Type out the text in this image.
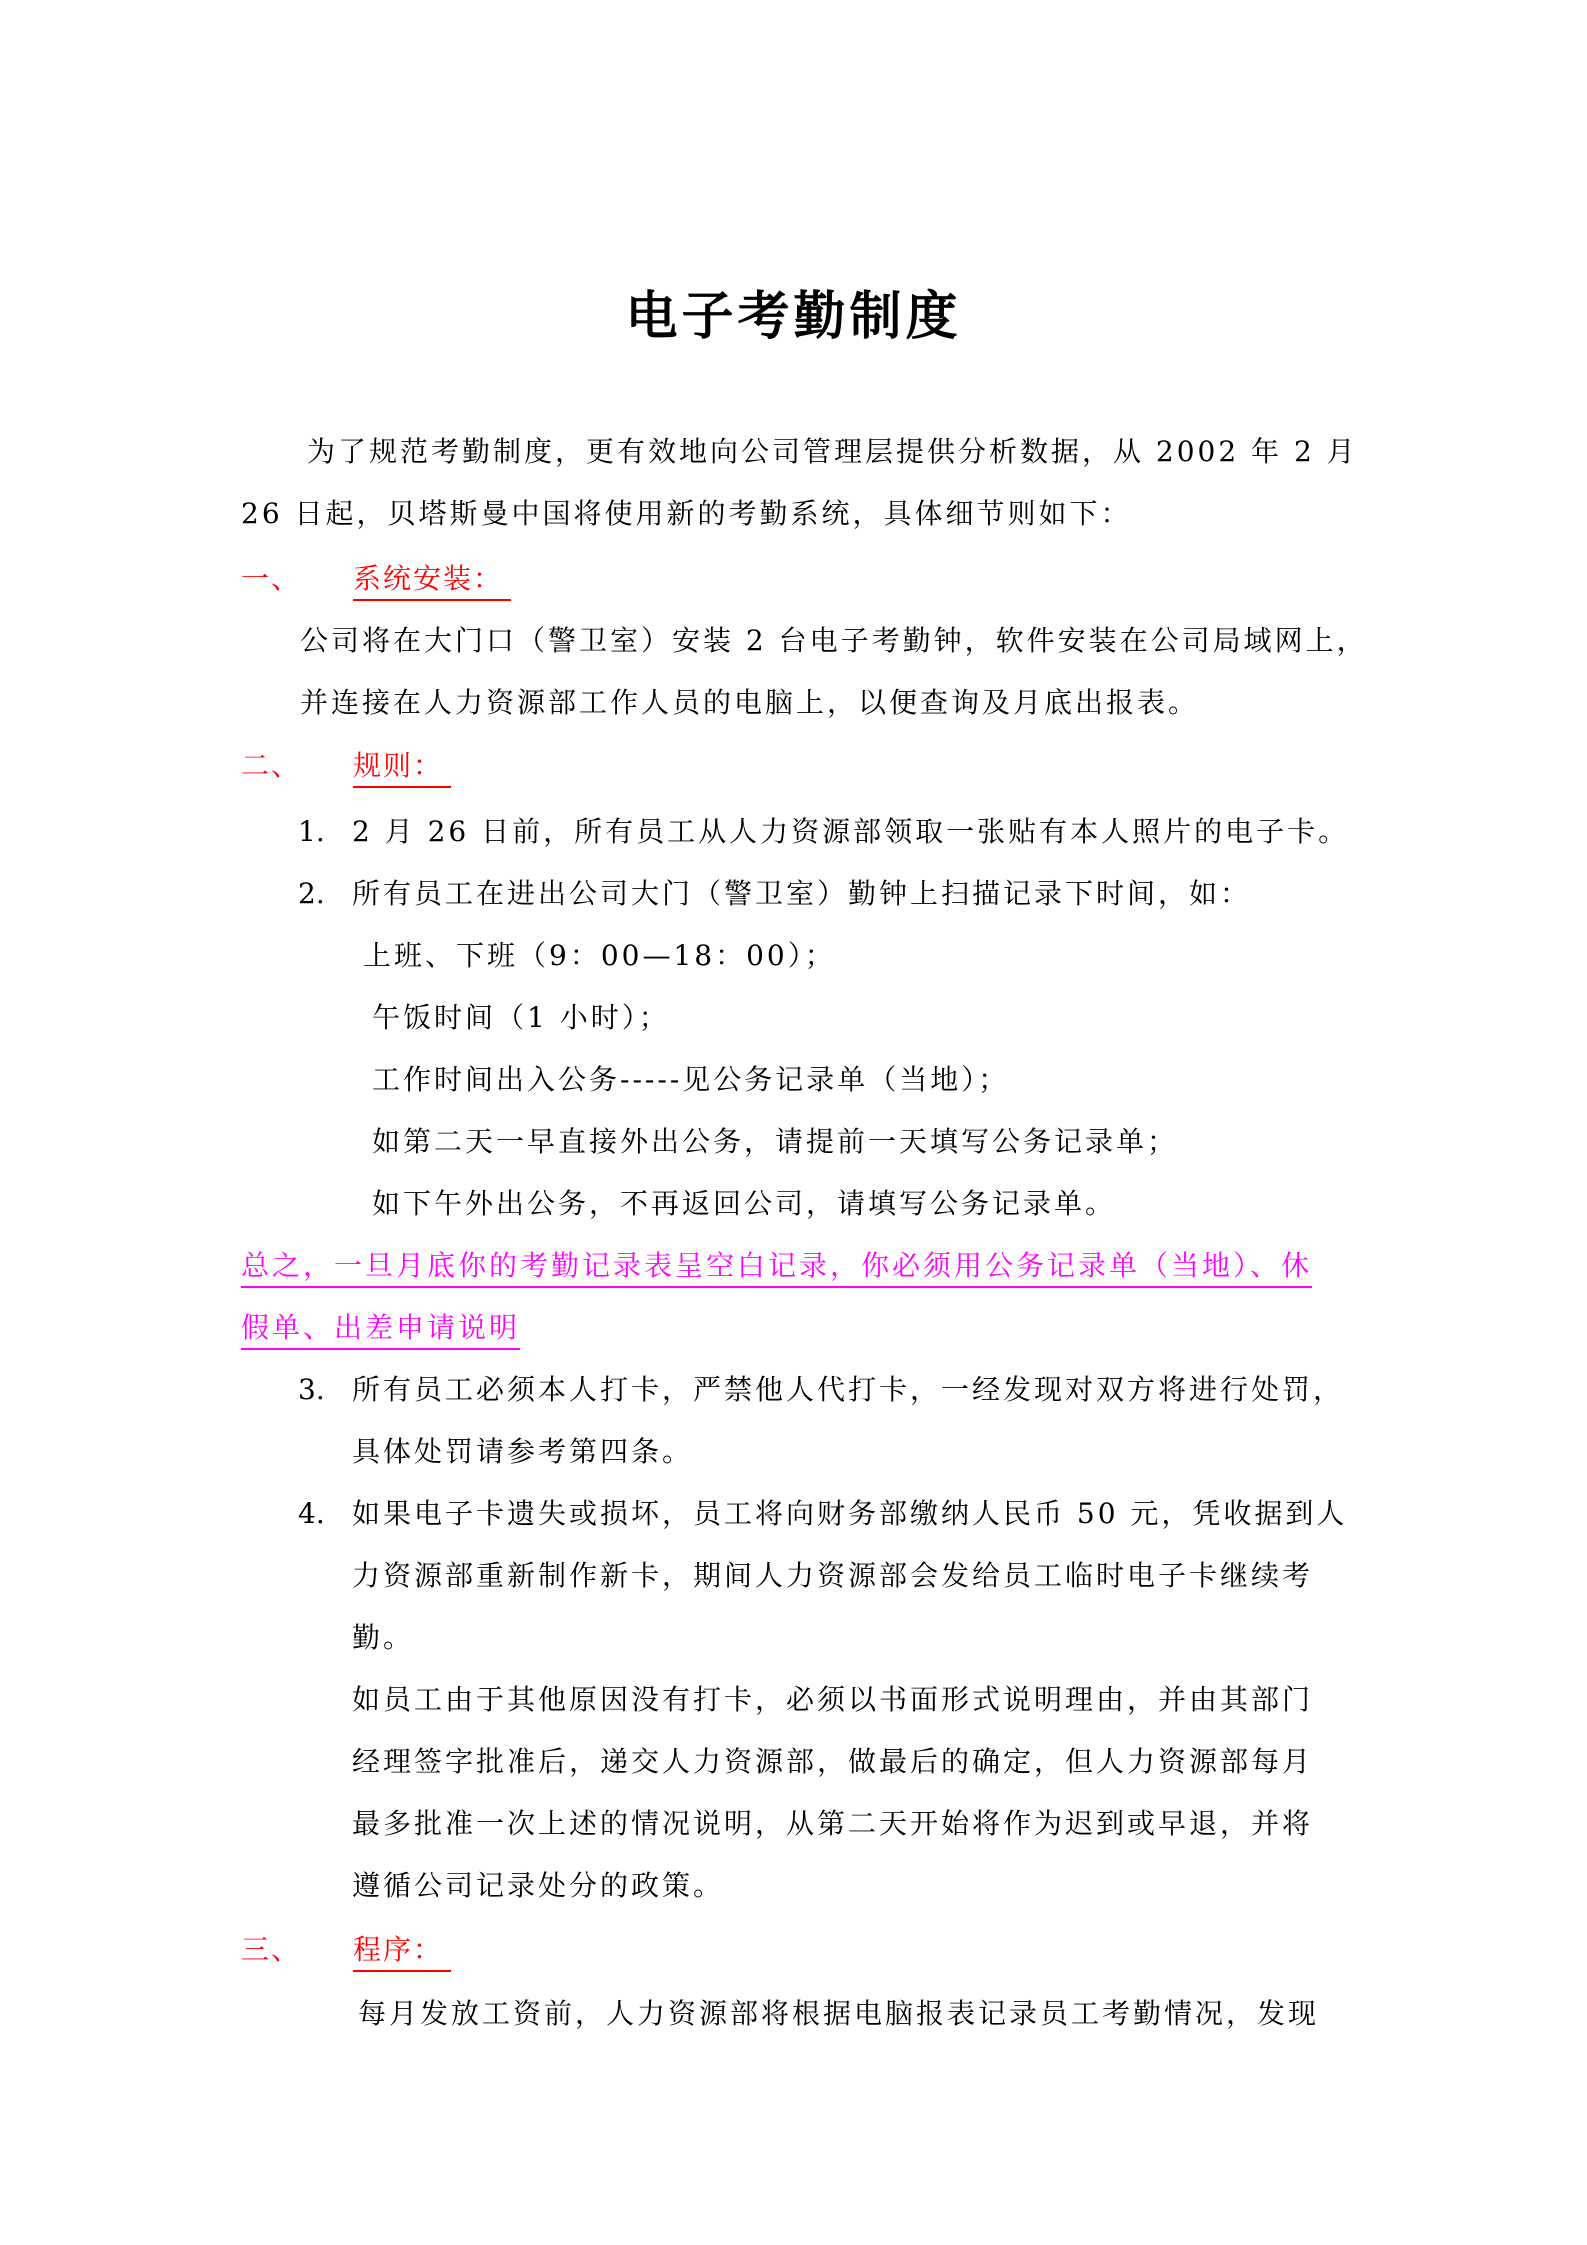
电子考勤制度
为了规范考勤制度，更有效地向公司管理层提供分析数据，从 2002 年 2 月
26 日起，贝塔斯曼中国将使用新的考勤系统，具体细节则如下：
一、 系统安装：
公司将在大门口（警卫室）安装 2 台电子考勤钟，软件安装在公司局域网上，
并连接在人力资源部工作人员的电脑上，以便查询及月底出报表。
二、 规则：
1. 2 月 26 日前，所有员工从人力资源部领取一张贴有本人照片的电子卡。
2. 所有员工在进出公司大门（警卫室）勤钟上扫描记录下时间，如：
上班、下班（9：00—18：00）；
午饭时间（1 小时）；
工作时间出入公务-----见公务记录单（当地）；
如第二天一早直接外出公务，请提前一天填写公务记录单；
如下午外出公务，不再返回公司，请填写公务记录单。
总之，一旦月底你的考勤记录表呈空白记录，你必须用公务记录单（当地）、休
假单、出差申请说明
3. 所有员工必须本人打卡，严禁他人代打卡，一经发现对双方将进行处罚，
具体处罚请参考第四条。
4. 如果电子卡遗失或损坏，员工将向财务部缴纳人民币 50 元，凭收据到人
力资源部重新制作新卡，期间人力资源部会发给员工临时电子卡继续考
勤。
如员工由于其他原因没有打卡，必须以书面形式说明理由，并由其部门
经理签字批准后，递交人力资源部，做最后的确定，但人力资源部每月
最多批准一次上述的情况说明，从第二天开始将作为迟到或早退，并将
遵循公司记录处分的政策。
三、 程序：
每月发放工资前，人力资源部将根据电脑报表记录员工考勤情况，发现
